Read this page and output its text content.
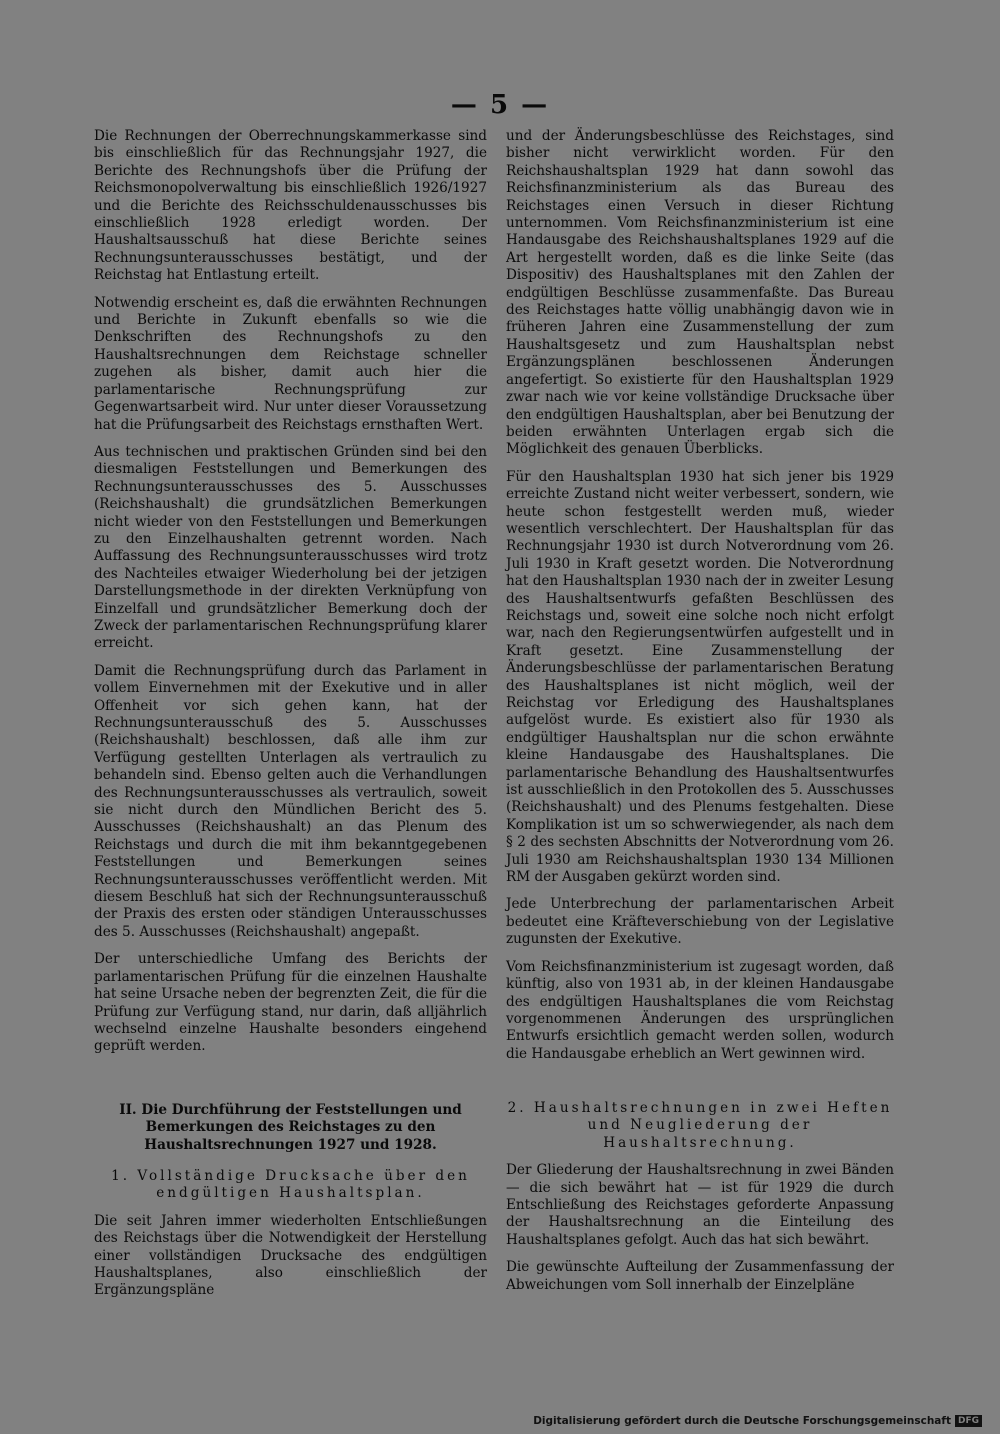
— 5 —

Die Rechnungen der Oberrechnungskammerkasse sind bis einschließlich für das Rechnungsjahr 1927, die Berichte des Rechnungshofs über die Prüfung der Reichsmonopolverwaltung bis einschließlich 1926/1927 und die Berichte des Reichsschuldenausschusses bis einschließlich 1928 erledigt worden. Der Haushaltsausschuß hat diese Berichte seines Rechnungsunterausschusses bestätigt, und der Reichstag hat Entlastung erteilt.

Notwendig erscheint es, daß die erwähnten Rechnungen und Berichte in Zukunft ebenfalls so wie die Denkschriften des Rechnungshofs zu den Haushaltsrechnungen dem Reichstage schneller zugehen als bisher, damit auch hier die parlamentarische Rechnungsprüfung zur Gegenwartsarbeit wird. Nur unter dieser Voraussetzung hat die Prüfungsarbeit des Reichstags ernsthaften Wert.

Aus technischen und praktischen Gründen sind bei den diesmaligen Feststellungen und Bemerkungen des Rechnungsunterausschusses des 5. Ausschusses (Reichshaushalt) die grundsätzlichen Bemerkungen nicht wieder von den Feststellungen und Bemerkungen zu den Einzelhaushalten getrennt worden. Nach Auffassung des Rechnungsunterausschusses wird trotz des Nachteiles etwaiger Wiederholung bei der jetzigen Darstellungsmethode in der direkten Verknüpfung von Einzelfall und grundsätzlicher Bemerkung doch der Zweck der parlamentarischen Rechnungsprüfung klarer erreicht.

Damit die Rechnungsprüfung durch das Parlament in vollem Einvernehmen mit der Exekutive und in aller Offenheit vor sich gehen kann, hat der Rechnungsunterausschuß des 5. Ausschusses (Reichshaushalt) beschlossen, daß alle ihm zur Verfügung gestellten Unterlagen als vertraulich zu behandeln sind. Ebenso gelten auch die Verhandlungen des Rechnungsunterausschusses als vertraulich, soweit sie nicht durch den Mündlichen Bericht des 5. Ausschusses (Reichshaushalt) an das Plenum des Reichstags und durch die mit ihm bekanntgegebenen Feststellungen und Bemerkungen seines Rechnungsunterausschusses veröffentlicht werden. Mit diesem Beschluß hat sich der Rechnungsunterausschuß der Praxis des ersten oder ständigen Unterausschusses des 5. Ausschusses (Reichshaushalt) angepaßt.

Der unterschiedliche Umfang des Berichts der parlamentarischen Prüfung für die einzelnen Haushalte hat seine Ursache neben der begrenzten Zeit, die für die Prüfung zur Verfügung stand, nur darin, daß alljährlich wechselnd einzelne Haushalte besonders eingehend geprüft werden.

II. Die Durchführung der Feststellungen und Bemerkungen des Reichstages zu den Haushaltsrechnungen 1927 und 1928.

1. Vollständige Drucksache über den endgültigen Haushaltsplan.

Die seit Jahren immer wiederholten Entschließungen des Reichstags über die Notwendigkeit der Herstellung einer vollständigen Drucksache des endgültigen Haushaltsplanes, also einschließlich der Ergänzungspläne

und der Änderungsbeschlüsse des Reichstages, sind bisher nicht verwirklicht worden. Für den Reichshaushaltsplan 1929 hat dann sowohl das Reichsfinanzministerium als das Bureau des Reichstages einen Versuch in dieser Richtung unternommen. Vom Reichsfinanzministerium ist eine Handausgabe des Reichshaushaltsplanes 1929 auf die Art hergestellt worden, daß es die linke Seite (das Dispositiv) des Haushaltsplanes mit den Zahlen der endgültigen Beschlüsse zusammenfaßte. Das Bureau des Reichstages hatte völlig unabhängig davon wie in früheren Jahren eine Zusammenstellung der zum Haushaltsgesetz und zum Haushaltsplan nebst Ergänzungsplänen beschlossenen Änderungen angefertigt. So existierte für den Haushaltsplan 1929 zwar nach wie vor keine vollständige Drucksache über den endgültigen Haushaltsplan, aber bei Benutzung der beiden erwähnten Unterlagen ergab sich die Möglichkeit des genauen Überblicks.

Für den Haushaltsplan 1930 hat sich jener bis 1929 erreichte Zustand nicht weiter verbessert, sondern, wie heute schon festgestellt werden muß, wieder wesentlich verschlechtert. Der Haushaltsplan für das Rechnungsjahr 1930 ist durch Notverordnung vom 26. Juli 1930 in Kraft gesetzt worden. Die Notverordnung hat den Haushaltsplan 1930 nach der in zweiter Lesung des Haushaltsentwurfs gefaßten Beschlüssen des Reichstags und, soweit eine solche noch nicht erfolgt war, nach den Regierungsentwürfen aufgestellt und in Kraft gesetzt. Eine Zusammenstellung der Änderungsbeschlüsse der parlamentarischen Beratung des Haushaltsplanes ist nicht möglich, weil der Reichstag vor Erledigung des Haushaltsplanes aufgelöst wurde. Es existiert also für 1930 als endgültiger Haushaltsplan nur die schon erwähnte kleine Handausgabe des Haushaltsplanes. Die parlamentarische Behandlung des Haushaltsentwurfes ist ausschließlich in den Protokollen des 5. Ausschusses (Reichshaushalt) und des Plenums festgehalten. Diese Komplikation ist um so schwerwiegender, als nach dem § 2 des sechsten Abschnitts der Notverordnung vom 26. Juli 1930 am Reichshaushaltsplan 1930 134 Millionen RM der Ausgaben gekürzt worden sind.

Jede Unterbrechung der parlamentarischen Arbeit bedeutet eine Kräfteverschiebung von der Legislative zugunsten der Exekutive.

Vom Reichsfinanzministerium ist zugesagt worden, daß künftig, also von 1931 ab, in der kleinen Handausgabe des endgültigen Haushaltsplanes die vom Reichstag vorgenommenen Änderungen des ursprünglichen Entwurfs ersichtlich gemacht werden sollen, wodurch die Handausgabe erheblich an Wert gewinnen wird.

2. Haushaltsrechnungen in zwei Heften und Neugliederung der Haushaltsrechnung.

Der Gliederung der Haushaltsrechnung in zwei Bänden — die sich bewährt hat — ist für 1929 die durch Entschließung des Reichstages geforderte Anpassung der Haushaltsrechnung an die Einteilung des Haushaltsplanes gefolgt. Auch das hat sich bewährt.

Die gewünschte Aufteilung der Zusammenfassung der Abweichungen vom Soll innerhalb der Einzelpläne

Digitalisierung gefördert durch die Deutsche Forschungsgemeinschaft DFG
